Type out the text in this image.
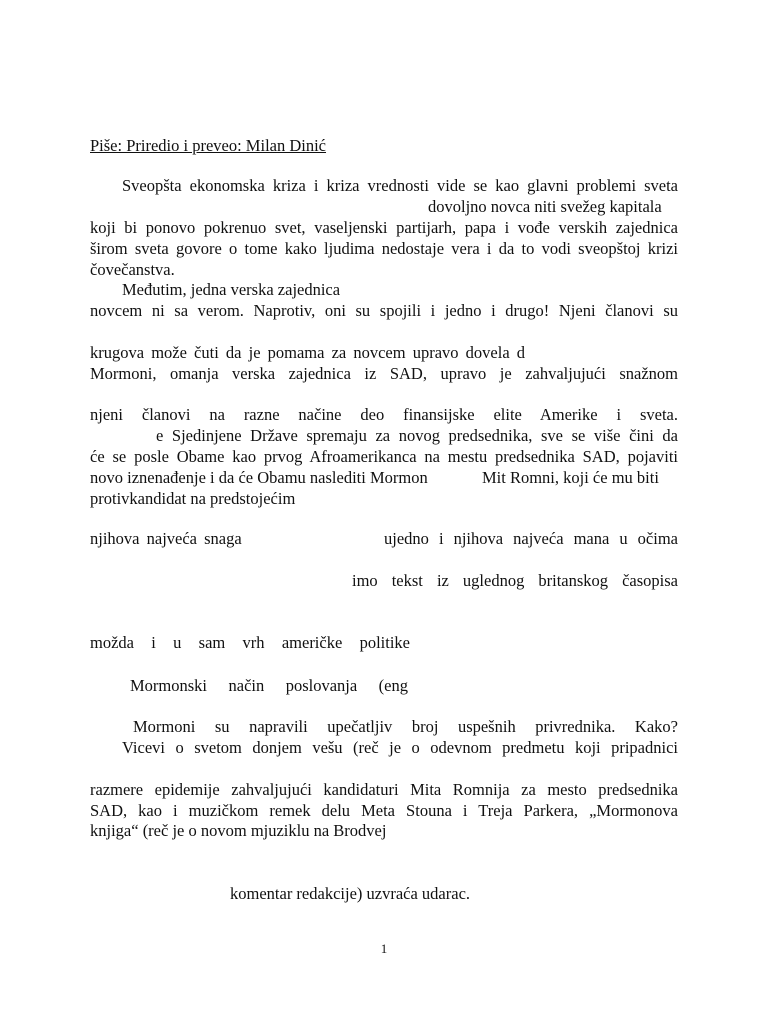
Piše: Priredio i preveo: Milan Dinić
Sveopšta ekonomska kriza i kriza vrednosti vide se kao glavni problemi sveta
dovoljno novca niti svežeg kapitala
koji bi ponovo pokrenuo svet, vaseljenski partijarh, papa i vođe verskih zajednica
širom sveta govore o tome kako ljudima nedostaje vera i da to vodi sveopštoj krizi
čovečanstva.
Međutim, jedna verska zajednica
novcem ni sa verom. Naprotiv, oni su spojili i jedno i drugo! Njeni članovi su
krugova može čuti da je pomama za novcem upravo dovela d
Mormoni, omanja verska zajednica iz SAD, upravo je zahvaljujući snažnom
njeni članovi na razne načine deo finansijske elite Amerike i sveta.
e Sjedinjene Države spremaju za novog predsednika, sve se više čini da
će se posle Obame kao prvog Afroamerikanca na mestu predsednika SAD, pojaviti
novo iznenađenje i da će Obamu naslediti Mormon	Mit Romni, koji će mu biti
protivkandidat na predstojećim
njihova najveća snaga	ujedno i njihova najveća mana u očima
imo tekst iz uglednog britanskog časopisa
možda i u sam vrh američke politike
Mormonski način poslovanja (eng
Mormoni su napravili upečatljiv broj uspešnih privrednika. Kako?
Vicevi o svetom donjem vešu (reč je o odevnom predmetu koji pripadnici
razmere epidemije zahvaljujući kandidaturi Mita Romnija za mesto predsednika
SAD, kao i muzičkom remek delu Meta Stouna i Treja Parkera, „Mormonova
knjiga“ (reč je o novom mjuziklu na Brodvej
komentar redakcije) uzvraća udarac.
1
